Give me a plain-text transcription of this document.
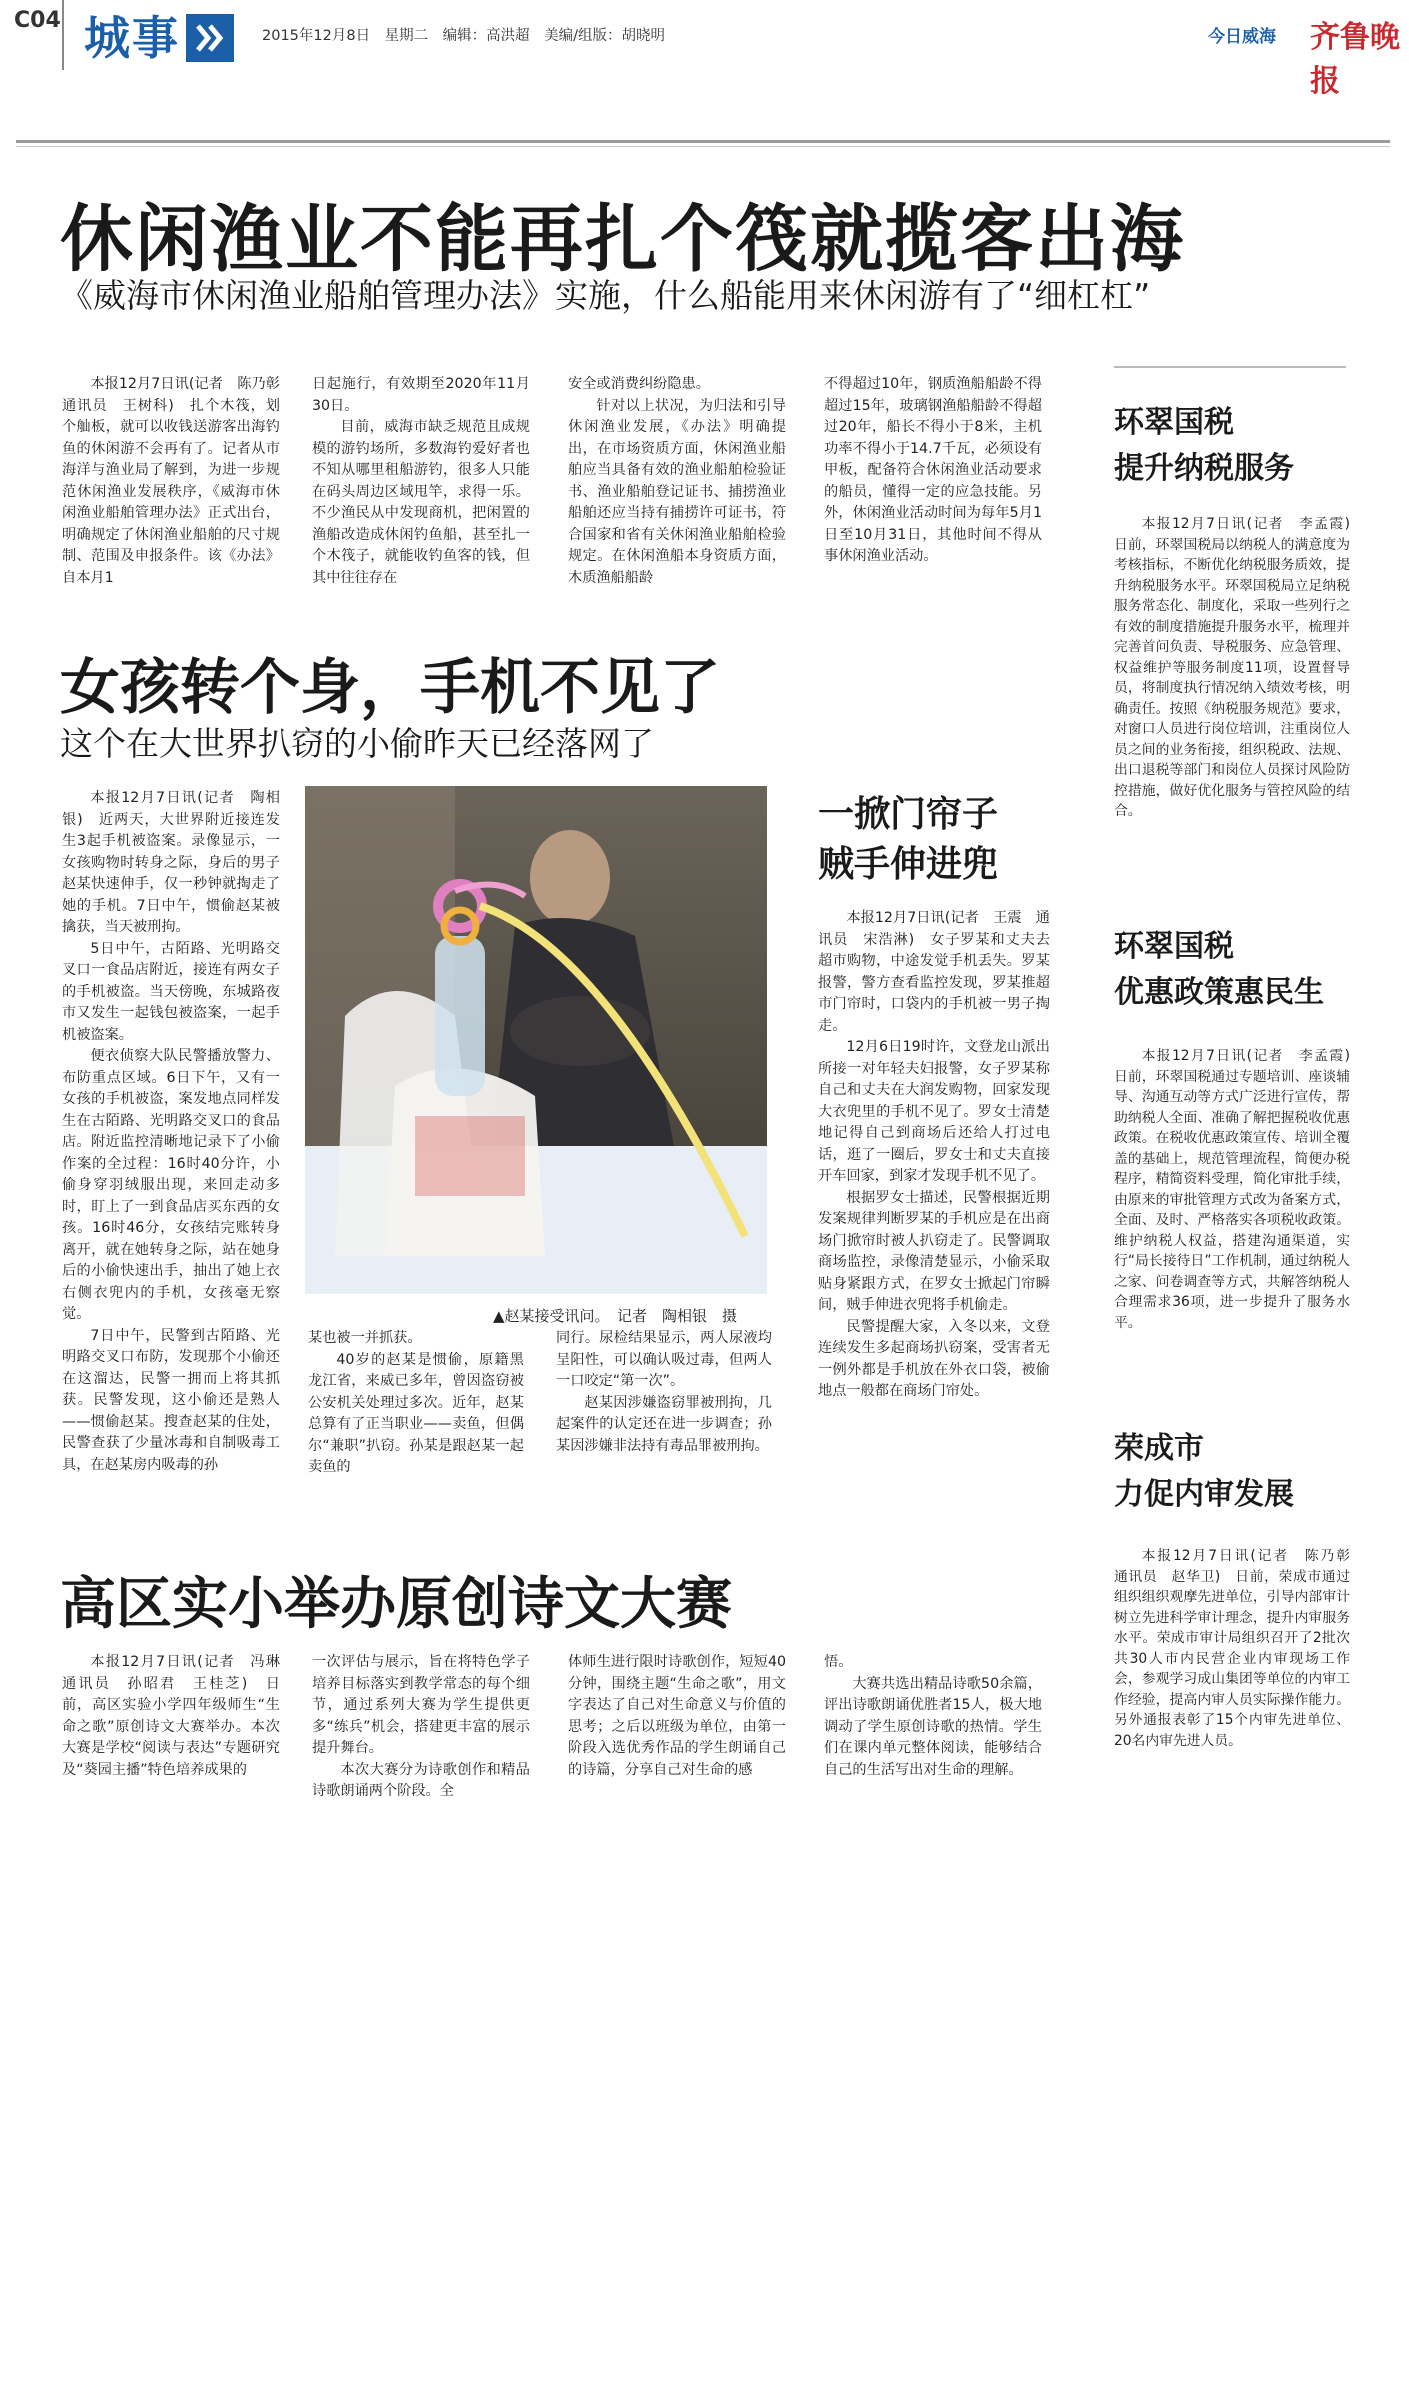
C04 城事	2015年12月8日　星期二　编辑：高洪超　美编/组版：胡晓明	今日威海 齐鲁晚报
休闲渔业不能再扎个筏就揽客出海
《威海市休闲渔业船舶管理办法》实施，什么船能用来休闲游有了“细杠杠”

本报12月7日讯(记者　陈乃彰　通讯员　王树科)　扎个木筏，划个舢板，就可以收钱送游客出海钓鱼的休闲游不会再有了。记者从市海洋与渔业局了解到，为进一步规范休闲渔业发展秩序，《威海市休闲渔业船舶管理办法》正式出台，明确规定了休闲渔业船舶的尺寸规制、范围及申报条件。该《办法》自本月1

日起施行，有效期至2020年11月30日。

目前，威海市缺乏规范且成规模的游钓场所，多数海钓爱好者也不知从哪里租船游钓，很多人只能在码头周边区域甩竿，求得一乐。不少渔民从中发现商机，把闲置的渔船改造成休闲钓鱼船，甚至扎一个木筏子，就能收钓鱼客的钱，但其中往往存在

安全或消费纠纷隐患。

针对以上状况，为归法和引导休闲渔业发展，《办法》明确提出，在市场资质方面，休闲渔业船舶应当具备有效的渔业船舶检验证书、渔业船舶登记证书、捕捞渔业船舶还应当持有捕捞许可证书，符合国家和省有关休闲渔业船舶检验规定。在休闲渔船本身资质方面，木质渔船船龄

不得超过10年，钢质渔船船龄不得超过15年，玻璃钢渔船船龄不得超过20年，船长不得小于8米，主机功率不得小于14.7千瓦，必须设有甲板，配备符合休闲渔业活动要求的船员，懂得一定的应急技能。另外，休闲渔业活动时间为每年5月1日至10月31日，其他时间不得从事休闲渔业活动。

女孩转个身，手机不见了
这个在大世界扒窃的小偷昨天已经落网了

本报12月7日讯(记者　陶相银)　近两天，大世界附近接连发生3起手机被盗案。录像显示，一女孩购物时转身之际，身后的男子赵某快速伸手，仅一秒钟就掏走了她的手机。7日中午，惯偷赵某被擒获，当天被刑拘。

5日中午，古陌路、光明路交叉口一食品店附近，接连有两女子的手机被盗。当天傍晚，东城路夜市又发生一起钱包被盗案，一起手机被盗案。

便衣侦察大队民警播放警力、布防重点区域。6日下午，又有一女孩的手机被盗，案发地点同样发生在古陌路、光明路交叉口的食品店。附近监控清晰地记录下了小偷作案的全过程：16时40分许，小偷身穿羽绒服出现，来回走动多时，盯上了一到食品店买东西的女孩。16时46分，女孩结完账转身离开，就在她转身之际，站在她身后的小偷快速出手，抽出了她上衣右侧衣兜内的手机，女孩毫无察觉。

7日中午，民警到古陌路、光明路交叉口布防，发现那个小偷还在这溜达，民警一拥而上将其抓获。民警发现，这小偷还是熟人——惯偷赵某。搜查赵某的住处，民警查获了少量冰毒和自制吸毒工具，在赵某房内吸毒的孙

▲赵某接受讯问。　记者　陶相银　摄

某也被一并抓获。

40岁的赵某是惯偷，原籍黑龙江省，来威已多年，曾因盗窃被公安机关处理过多次。近年，赵某总算有了正当职业——卖鱼，但偶尔“兼职”扒窃。孙某是跟赵某一起卖鱼的

同行。尿检结果显示，两人尿液均呈阳性，可以确认吸过毒，但两人一口咬定“第一次”。

赵某因涉嫌盗窃罪被刑拘，几起案件的认定还在进一步调查；孙某因涉嫌非法持有毒品罪被刑拘。

一掀门帘子
贼手伸进兜

本报12月7日讯(记者　王震　通讯员　宋浩淋)　女子罗某和丈夫去超市购物，中途发觉手机丢失。罗某报警，警方查看监控发现，罗某推超市门帘时，口袋内的手机被一男子掏走。

12月6日19时许，文登龙山派出所接一对年轻夫妇报警，女子罗某称自己和丈夫在大润发购物，回家发现大衣兜里的手机不见了。罗女士清楚地记得自己到商场后还给人打过电话，逛了一圈后，罗女士和丈夫直接开车回家，到家才发现手机不见了。

根据罗女士描述，民警根据近期发案规律判断罗某的手机应是在出商场门掀帘时被人扒窃走了。民警调取商场监控，录像清楚显示，小偷采取贴身紧跟方式，在罗女士掀起门帘瞬间，贼手伸进衣兜将手机偷走。

民警提醒大家，入冬以来，文登连续发生多起商场扒窃案，受害者无一例外都是手机放在外衣口袋，被偷地点一般都在商场门帘处。

高区实小举办原创诗文大赛

本报12月7日讯(记者　冯琳　通讯员　孙昭君　王桂芝)　日前，高区实验小学四年级师生“生命之歌”原创诗文大赛举办。本次大赛是学校“阅读与表达”专题研究及“葵园主播”特色培养成果的

一次评估与展示，旨在将特色学子培养目标落实到教学常态的每个细节，通过系列大赛为学生提供更多“练兵”机会，搭建更丰富的展示提升舞台。

本次大赛分为诗歌创作和精品诗歌朗诵两个阶段。全

体师生进行限时诗歌创作，短短40分钟，围绕主题“生命之歌”，用文字表达了自己对生命意义与价值的思考；之后以班级为单位，由第一阶段入选优秀作品的学生朗诵自己的诗篇，分享自己对生命的感

悟。

大赛共选出精品诗歌50余篇，评出诗歌朗诵优胜者15人，极大地调动了学生原创诗歌的热情。学生们在课内单元整体阅读，能够结合自己的生活写出对生命的理解。

环翠国税
提升纳税服务

本报12月7日讯(记者　李孟霞)　日前，环翠国税局以纳税人的满意度为考核指标，不断优化纳税服务质效，提升纳税服务水平。环翠国税局立足纳税服务常态化、制度化，采取一些列行之有效的制度措施提升服务水平，梳理并完善首问负责、导税服务、应急管理、权益维护等服务制度11项，设置督导员，将制度执行情况纳入绩效考核，明确责任。按照《纳税服务规范》要求，对窗口人员进行岗位培训，注重岗位人员之间的业务衔接，组织税政、法规、出口退税等部门和岗位人员探讨风险防控措施，做好优化服务与管控风险的结合。

环翠国税
优惠政策惠民生

本报12月7日讯(记者　李孟霞)　日前，环翠国税通过专题培训、座谈辅导、沟通互动等方式广泛进行宣传，帮助纳税人全面、准确了解把握税收优惠政策。在税收优惠政策宣传、培训全覆盖的基础上，规范管理流程，简便办税程序，精简资料受理，简化审批手续，由原来的审批管理方式改为备案方式，全面、及时、严格落实各项税收政策。维护纳税人权益，搭建沟通渠道，实行“局长接待日”工作机制，通过纳税人之家、问卷调查等方式，共解答纳税人合理需求36项，进一步提升了服务水平。

荣成市
力促内审发展

本报12月7日讯(记者　陈乃彰　通讯员　赵华卫)　日前，荣成市通过组织组织观摩先进单位，引导内部审计树立先进科学审计理念，提升内审服务水平。荣成市审计局组织召开了2批次共30人市内民营企业内审现场工作会，参观学习成山集团等单位的内审工作经验，提高内审人员实际操作能力。另外通报表彰了15个内审先进单位、20名内审先进人员。
